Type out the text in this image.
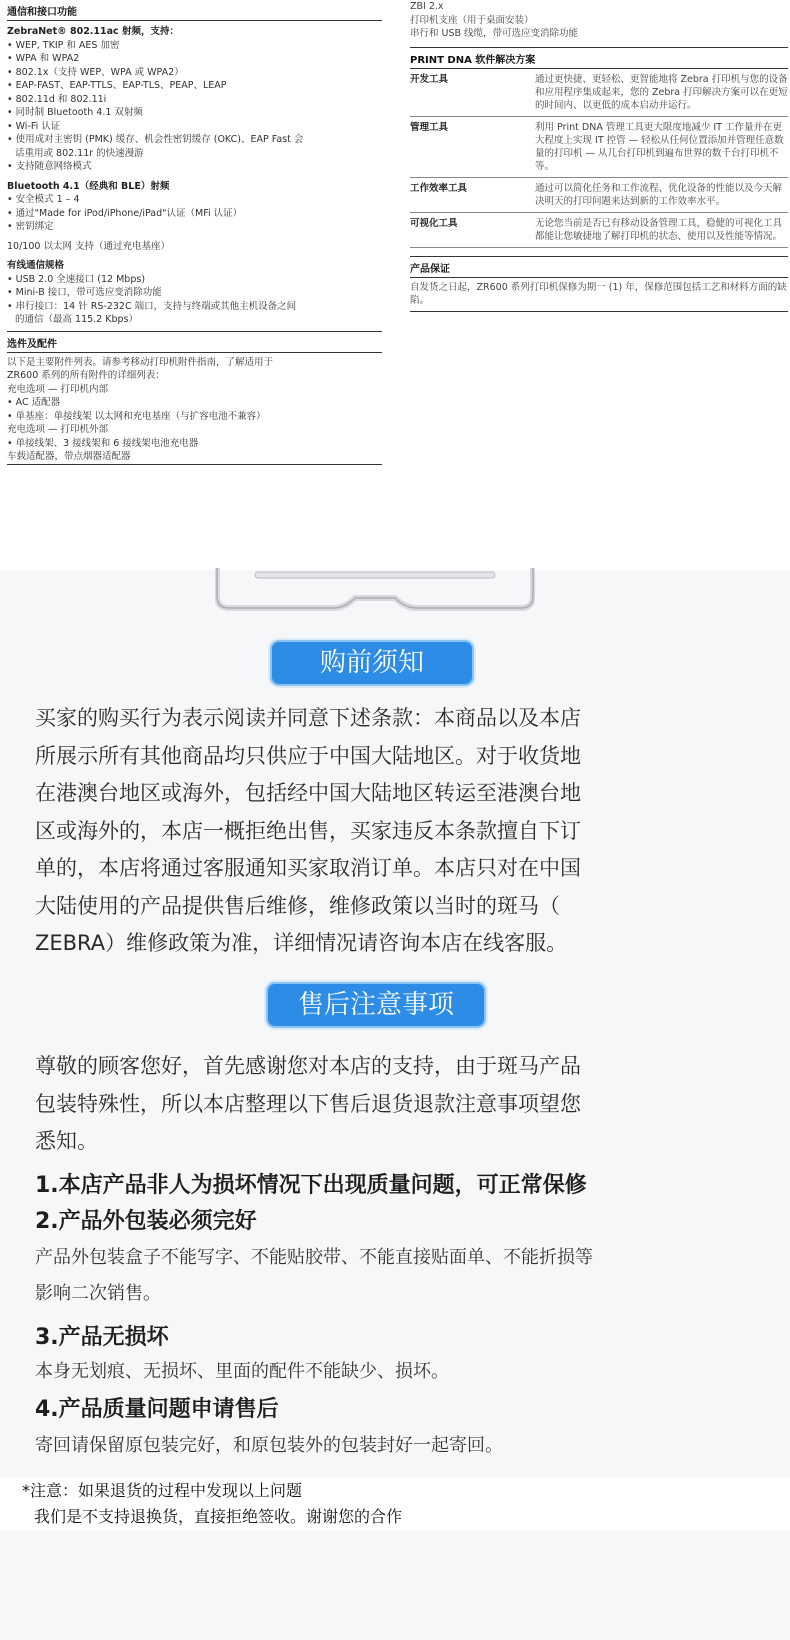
通信和接口功能
ZebraNet® 802.11ac 射频，支持：
• WEP, TKIP 和 AES 加密
• WPA 和 WPA2
• 802.1x（支持 WEP、WPA 或 WPA2）
• EAP-FAST、EAP-TTLS、EAP-TLS、PEAP、LEAP
• 802.11d 和 802.11i
• 同时制 Bluetooth 4.1 双射频
• Wi-Fi 认证
• 使用成对主密钥 (PMK) 缓存、机会性密钥缓存 (OKC)、EAP Fast 会
话重用或 802.11r 的快速漫游
• 支持随意网络模式
Bluetooth 4.1（经典和 BLE）射频
• 安全模式 1 – 4
• 通过"Made for iPod/iPhone/iPad"认证（MFi 认证）
• 密钥绑定
10/100 以太网 支持（通过充电基座）
有线通信规格
• USB 2.0 全速接口 (12 Mbps)
• Mini-B 接口，带可选应变消除功能
• 串行接口：14 针 RS-232C 端口，支持与终端或其他主机设备之间
的通信（最高 115.2 Kbps）
选件及配件
以下是主要附件列表。请参考移动打印机附件指南，了解适用于
ZR600 系列的所有附件的详细列表：
充电选项 — 打印机内部
• AC 适配器
• 单基座：单接线架 以太网和充电基座（与扩容电池不兼容）
充电选项 — 打印机外部
• 单接线架、3 接线架和 6 接线架电池充电器
车载适配器，带点烟器适配器
ZBI 2.x
打印机支座（用于桌面安装）
串行和 USB 线缆，带可选应变消除功能
PRINT DNA 软件解决方案
开发工具	通过更快捷、更轻松、更智能地将 Zebra 打印机与您的设备和应用程序集成起来，您的 Zebra 打印解决方案可以在更短的时间内、以更低的成本启动并运行。
管理工具	利用 Print DNA 管理工具更大限度地减少 IT 工作量并在更大程度上实现 IT 控管 — 轻松从任何位置添加并管理任意数量的打印机 — 从几台打印机到遍布世界的数千台打印机不等。
工作效率工具	通过可以简化任务和工作流程、优化设备的性能以及今天解决明天的打印问题来达到新的工作效率水平。
可视化工具	无论您当前是否已有移动设备管理工具，稳健的可视化工具都能让您敏捷地了解打印机的状态、使用以及性能等情况。
产品保证
自发货之日起，ZR600 系列打印机保修为期一 (1) 年，保修范围包括工艺和材料方面的缺陷。
购前须知
买家的购买行为表示阅读并同意下述条款：本商品以及本店
所展示所有其他商品均只供应于中国大陆地区。对于收货地
在港澳台地区或海外，包括经中国大陆地区转运至港澳台地
区或海外的，本店一概拒绝出售，买家违反本条款擅自下订
单的，本店将通过客服通知买家取消订单。本店只对在中国
大陆使用的产品提供售后维修，维修政策以当时的斑马（
ZEBRA）维修政策为准，详细情况请咨询本店在线客服。
售后注意事项
尊敬的顾客您好，首先感谢您对本店的支持，由于斑马产品
包装特殊性，所以本店整理以下售后退货退款注意事项望您
悉知。
1.本店产品非人为损坏情况下出现质量问题，可正常保修
2.产品外包装必须完好
产品外包装盒子不能写字、不能贴胶带、不能直接贴面单、不能折损等
影响二次销售。
3.产品无损坏
本身无划痕、无损坏、里面的配件不能缺少、损坏。
4.产品质量问题申请售后
寄回请保留原包装完好，和原包装外的包装封好一起寄回。
*注意：如果退货的过程中发现以上问题
我们是不支持退换货，直接拒绝签收。谢谢您的合作
